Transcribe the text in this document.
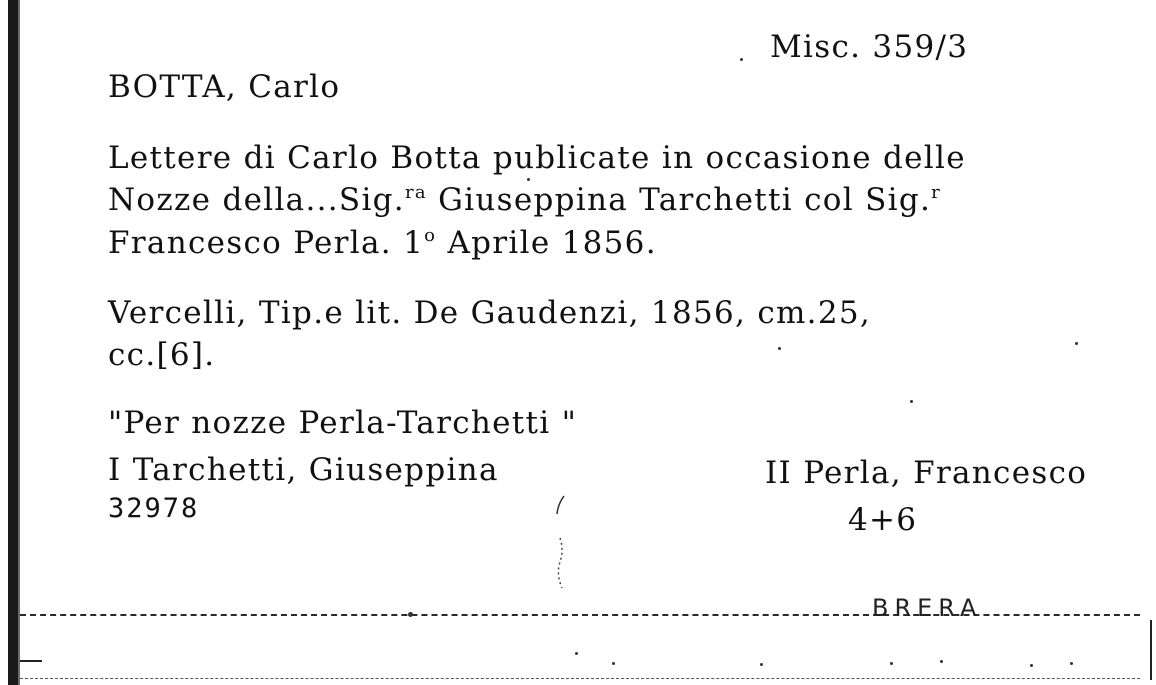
Misc. 359/3
BOTTA, Carlo
Lettere di Carlo Botta publicate in occasione delle
Nozze della...Sig.$^{ra}$ Giuseppina Tarchetti col Sig.$^r$
Francesco Perla. 1$^o$ Aprile 1856.
Vercelli, Tip.e lit. De Gaudenzi, 1856, cm.25,
cc.[6].
"Per nozze Perla-Tarchetti "
I Tarchetti, Giuseppina	II Perla, Francesco
32978	4+6
BRERA
